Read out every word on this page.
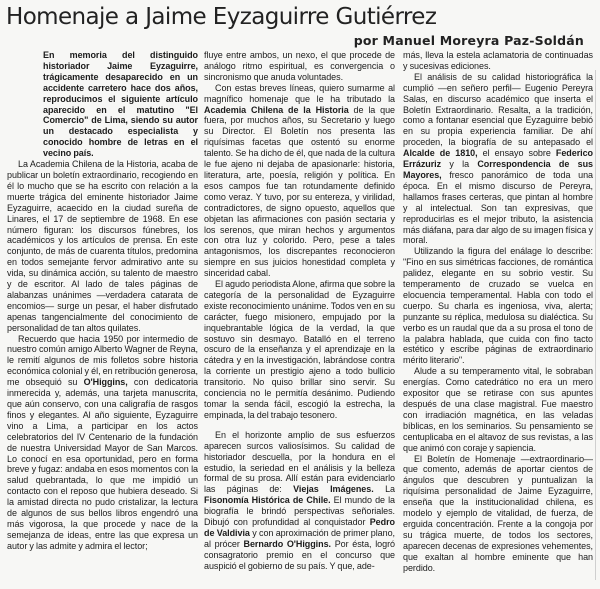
Homenaje a Jaime Eyzaguirre Gutiérrez
por Manuel Moreyra Paz-Soldán
En memoria del distinguido historiador Jaime Eyzaguirre, trágicamente desaparecido en un accidente carretero hace dos años, reproducimos el siguiente artículo aparecido en el matutino "El Comercio" de Lima, siendo su autor un destacado especialista y conocido hombre de letras en el vecino país.

La Academia Chilena de la Historia, acaba de publicar un boletín extraordinario, recogiendo en él lo mucho que se ha escrito con relación a la muerte trágica del eminente historiador Jaime Eyzaguirre, acaecido en la ciudad sureña de Linares, el 17 de septiembre de 1968. En ese número figuran: los discursos fúnebres, los académicos y los artículos de prensa. En este conjunto, de más de cuarenta títulos, predomina en todos semejante fervor admirativo ante su vida, su dinámica acción, su talento de maestro y de escritor. Al lado de tales páginas de alabanzas unánimes —verdadera catarata de encomios— surge un pesar, el haber disfrutado apenas tangencialmente del conocimiento de personalidad de tan altos quilates.

Recuerdo que hacia 1950 por intermedio de nuestro común amigo Alberto Wagner de Reyna, le remití algunos de mis folletos sobre historia económica colonial y él, en retribución generosa, me obsequió su O'Higgins, con dedicatoria inmerecida y, además, una tarjeta manuscrita, que aún conservo, con una caligrafía de rasgos finos y elegantes. Al año siguiente, Eyzaguirre vino a Lima, a participar en los actos celebratorios del IV Centenario de la fundación de nuestra Universidad Mayor de San Marcos. Lo conocí en esa oportunidad, pero en forma breve y fugaz: andaba en esos momentos con la salud quebrantada, lo que me impidió un contacto con el reposo que hubiera deseado. Si la amistad directa no pudo cristalizar, la lectura de algunos de sus bellos libros engendró una más vigorosa, la que procede y nace de la semejanza de ideas, entre las que expresa un autor y las admite y admira el lector;

fluye entre ambos, un nexo, el que procede de análogo ritmo espiritual, es convergencia o sincronismo que anuda voluntades.

Con estas breves líneas, quiero sumarme al magnífico homenaje que le ha tributado la Academia Chilena de la Historia de la que fuera, por muchos años, su Secretario y luego su Director. El Boletín nos presenta las riquísimas facetas que ostentó su enorme talento. Se ha dicho de él, que nada de la cultura le fue ajeno ni dejaba de apasionarle: historia, literatura, arte, poesía, religión y política. En esos campos fue tan rotundamente definido como veraz. Y tuvo, por su entereza, y virilidad, contradictores, de signo opuesto, aquellos que objetan las afirmaciones con pasión sectaria y los serenos, que miran hechos y argumentos con otra luz y colorido. Pero, pese a tales antagonismos, los discrepantes reconocieron siempre en sus juicios honestidad completa y sinceridad cabal.

El agudo periodista Alone, afirma que sobre la categoría de la personalidad de Eyzaguirre existe reconocimiento unánime. Todos ven en su carácter, fuego misionero, empujado por la inquebrantable lógica de la verdad, la que sostuvo sin desmayo. Batalló en el terreno oscuro de la enseñanza y el aprendizaje en la cátedra y en la investigación, labrándose contra la corriente un prestigio ajeno a todo bullicio transitorio. No quiso brillar sino servir. Su conciencia no le permitía desánimo. Pudiendo tomar la senda fácil, escogió la estrecha, la empinada, la del trabajo tesonero.

En el horizonte amplio de sus esfuerzos aparecen surcos valiosísimos. Su calidad de historiador descuella, por la hondura en el estudio, la seriedad en el análisis y la belleza formal de su prosa. Allí están para evidenciarlo las páginas de: Viejas Imágenes. La Fisonomía Histórica de Chile. El mundo de la biografía le brindó perspectivas señoriales. Dibujó con profundidad al conquistador Pedro de Valdivia y con aproximación de primer plano, al prócer Bernardo O'Higgins. Por ésta, logró consagratorio premio en el concurso que auspició el gobierno de su país. Y que, ade-

más, lleva la estela aclamatoria de continuadas y sucesivas ediciones.

El análisis de su calidad historiográfica la cumplió —en señero perfil— Eugenio Pereyra Salas, en discurso académico que inserta el Boletín Extraordinario. Resalta, a la tradición, como a fontanar esencial que Eyzaguirre bebió en su propia experiencia familiar. De ahí proceden, la biografía de su antepasado el Alcalde de 1810, el ensayo sobre Federico Errázuriz y la Correspondencia de sus Mayores, fresco panorámico de toda una época. En el mismo discurso de Pereyra, hallamos frases certeras, que pintan al hombre y al intelectual. Son tan expresivas, que reproducirlas es el mejor tributo, la asistencia más diáfana, para dar algo de su imagen física y moral.

Utilizando la figura del enálage lo describe: "Fino en sus simétricas facciones, de romántica palidez, elegante en su sobrio vestir. Su temperamento de cruzado se vuelca en elocuencia temperamental. Habla con todo el cuerpo. Su charla es ingeniosa, viva, alerta; punzante su réplica, medulosa su dialéctica. Su verbo es un raudal que da a su prosa el tono de la palabra hablada, que cuida con fino tacto estético y escribe páginas de extraordinario mérito literario".

Alude a su temperamento vital, le sobraban energías. Como catedrático no era un mero expositor que se retirase con sus apuntes después de una clase magistral. Fue maestro con irradiación magnética, en las veladas bíblicas, en los seminarios. Su pensamiento se centuplicaba en el altavoz de sus revistas, a las que animó con coraje y sapiencia.

El Boletín de Homenaje —extraordinario— que comento, además de aportar cientos de ángulos que descubren y puntualizan la riquísima personalidad de Jaime Eyzaguirre, enseña que la institucionalidad chilena, es modelo y ejemplo de vitalidad, de fuerza, de erguida concentración. Frente a la congoja por su trágica muerte, de todos los sectores, aparecen decenas de expresiones vehementes, que exaltan al hombre eminente que han perdido.
